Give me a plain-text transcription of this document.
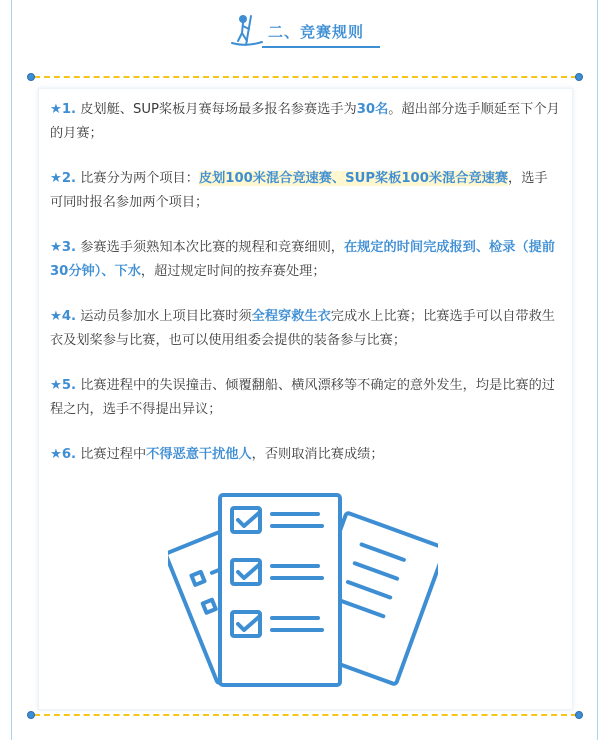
二、竞赛规则
★1. 皮划艇、SUP桨板月赛每场最多报名参赛选手为30名。超出部分选手顺延至下个月的月赛；
★2. 比赛分为两个项目：皮划100米混合竞速赛、SUP桨板100米混合竞速赛，选手可同时报名参加两个项目；
★3. 参赛选手须熟知本次比赛的规程和竞赛细则，在规定的时间完成报到、检录（提前30分钟）、下水，超过规定时间的按弃赛处理；
★4. 运动员参加水上项目比赛时须全程穿救生衣完成水上比赛；比赛选手可以自带救生衣及划桨参与比赛，也可以使用组委会提供的装备参与比赛；
★5. 比赛进程中的失误撞击、倾覆翻船、横风漂移等不确定的意外发生，均是比赛的过程之内，选手不得提出异议；
★6. 比赛过程中不得恶意干扰他人，否则取消比赛成绩；
